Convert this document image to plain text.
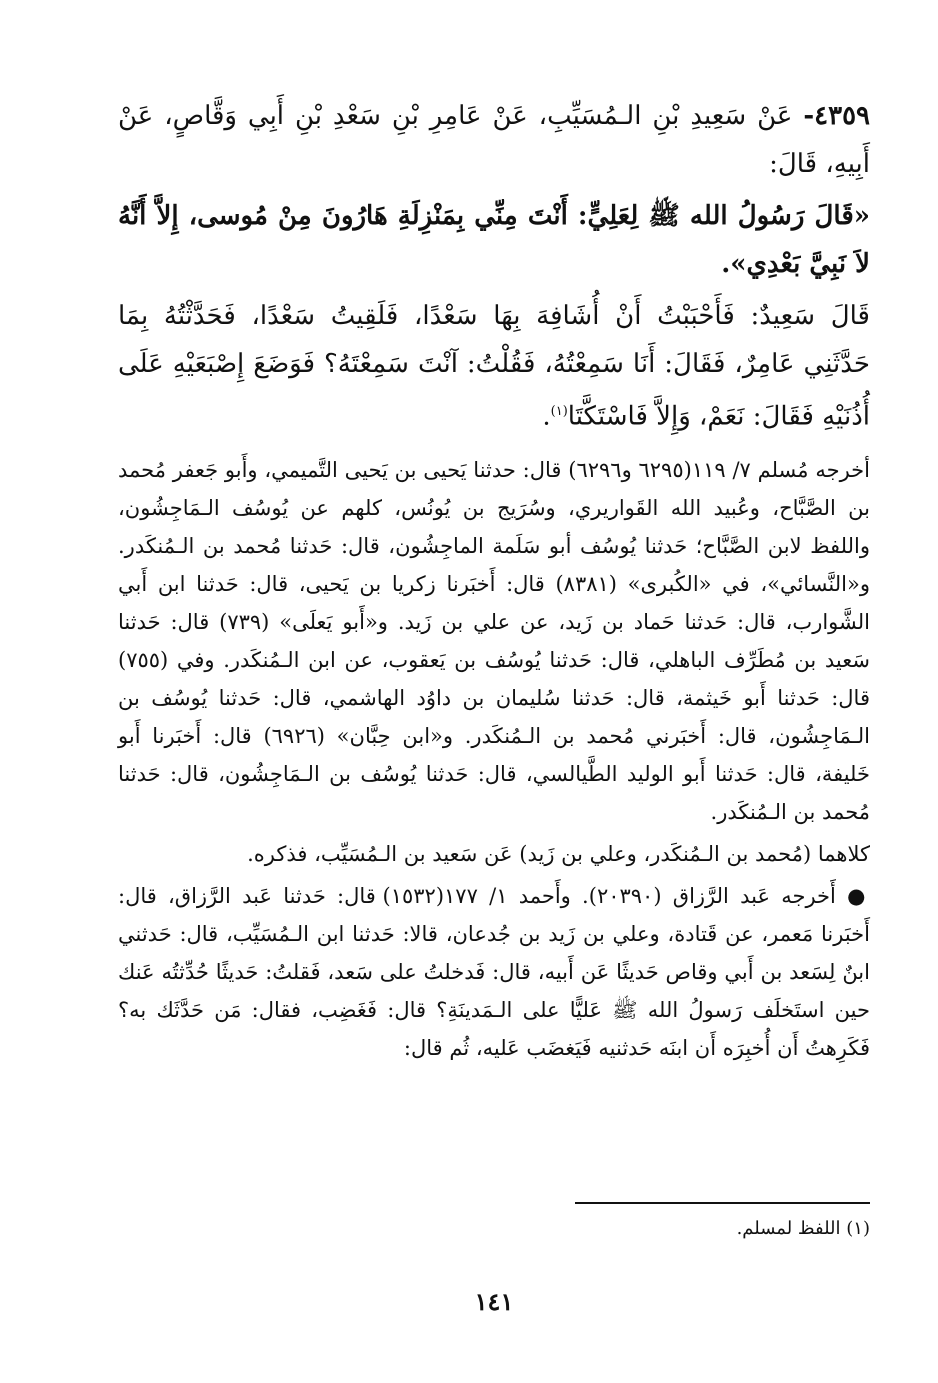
٤٣٥٩- عَنْ سَعِيدِ بْنِ الـمُسَيِّبِ، عَنْ عَامِرِ بْنِ سَعْدِ بْنِ أَبِي وَقَّاصٍ، عَنْ أَبِيهِ، قَالَ:

«قَالَ رَسُولُ الله ﷺ لِعَلِيٍّ: أَنْتَ مِنِّي بِمَنْزِلَةِ هَارُونَ مِنْ مُوسى، إِلاَّ أَنَّهُ لاَ نَبِيَّ بَعْدِي».

قَالَ سَعِيدٌ: فَأَحْبَبْتُ أَنْ أُشَافِهَ بِهَا سَعْدًا، فَلَقِيتُ سَعْدًا، فَحَدَّثْتُهُ بِمَا حَدَّثَنِي عَامِرٌ، فَقَالَ: أَنَا سَمِعْتُهُ، فَقُلْتُ: آنْتَ سَمِعْتَهُ؟ فَوَضَعَ إِصْبَعَيْهِ عَلَى أُذُنَيْهِ فَقَالَ: نَعَمْ، وَإِلاَّ فَاسْتَكَّتَا$^{(١)}$.

أخرجه مُسلم ٧/ ١١٩(٦٢٩٥ و٦٢٩٦) قال: حدثنا يَحيى بن يَحيى التَّميمي، وأَبو جَعفر مُحمد بن الصَّبَّاح، وعُبيد الله القَواريري، وسُرَيج بن يُونُس، كلهم عن يُوسُف الـمَاجِشُون، واللفظ لابن الصَّبَّاح؛ حَدثنا يُوسُف أبو سَلَمة الماجِشُون، قال: حَدثنا مُحمد بن الـمُنكَدر. و«النَّسائي»، في «الكُبرى» (٨٣٨١) قال: أَخبَرنا زكريا بن يَحيى، قال: حَدثنا ابن أَبي الشَّوارب، قال: حَدثنا حَماد بن زَيد، عن علي بن زَيد. و«أَبو يَعلَى» (٧٣٩) قال: حَدثنا سَعيد بن مُطَرِّف الباهلي، قال: حَدثنا يُوسُف بن يَعقوب، عن ابن الـمُنكَدر. وفي (٧٥٥) قال: حَدثنا أَبو خَيثمة، قال: حَدثنا سُليمان بن داوُد الهاشمي، قال: حَدثنا يُوسُف بن الـمَاجِشُون، قال: أَخبَرني مُحمد بن الـمُنكَدر. و«ابن حِبَّان» (٦٩٢٦) قال: أَخبَرنا أَبو خَليفة، قال: حَدثنا أَبو الوليد الطَّيالسي، قال: حَدثنا يُوسُف بن الـمَاجِشُون، قال: حَدثنا مُحمد بن الـمُنكَدر.

كلاهما (مُحمد بن الـمُنكَدر، وعلي بن زَيد) عَن سَعيد بن الـمُسَيِّب، فذكره.

● أَخرجه عَبد الرَّزاق (٢٠٣٩٠). وأَحمد ١/ ١٧٧(١٥٣٢) قال: حَدثنا عَبد الرَّزاق، قال: أَخبَرنا مَعمر، عن قَتادة، وعلي بن زَيد بن جُدعان، قالا: حَدثنا ابن الـمُسَيِّب، قال: حَدثني ابنٌ لِسَعد بن أَبي وقاص حَديثًا عَن أَبيه، قال: فَدخلتُ على سَعد، فَقلتُ: حَديثًا حُدِّثتُه عَنك حين استَخلَف رَسولُ الله ﷺ عَليًّا على الـمَدينَةِ؟ قال: فَغَضِب، فقال: مَن حَدَّثَك به؟ فَكَرِهتُ أَن أُخبِرَه أَن ابنَه حَدثنيه فَيَغضَب عَليه، ثُم قال:

(١) اللفظ لمسلم.
١٤١
